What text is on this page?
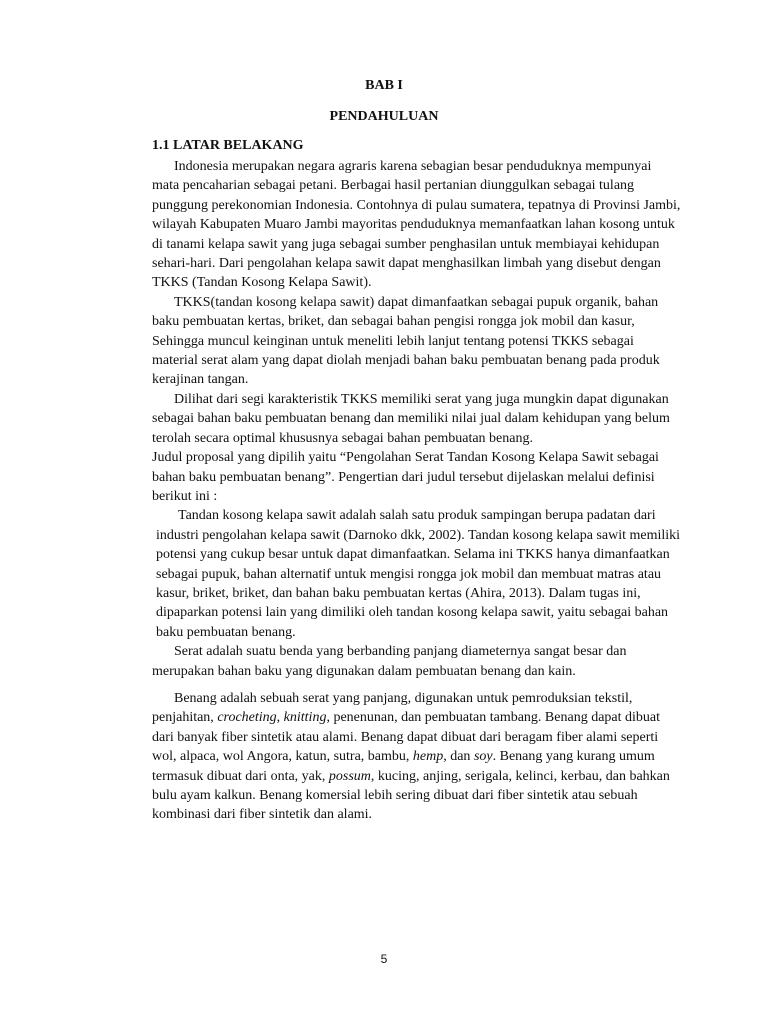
BAB I
PENDAHULUAN
1.1 LATAR BELAKANG

Indonesia merupakan negara agraris karena sebagian besar penduduknya mempunyai mata pencaharian sebagai petani. Berbagai hasil pertanian diunggulkan sebagai tulang punggung perekonomian Indonesia. Contohnya di pulau sumatera, tepatnya di Provinsi Jambi, wilayah Kabupaten Muaro Jambi mayoritas penduduknya memanfaatkan lahan kosong untuk di tanami kelapa sawit yang juga sebagai sumber penghasilan untuk membiayai kehidupan sehari-hari. Dari pengolahan kelapa sawit dapat menghasilkan limbah yang disebut dengan TKKS (Tandan Kosong Kelapa Sawit).

TKKS(tandan kosong kelapa sawit) dapat dimanfaatkan sebagai pupuk organik, bahan baku pembuatan kertas, briket, dan sebagai bahan pengisi rongga jok mobil dan kasur, Sehingga muncul keinginan untuk meneliti lebih lanjut tentang potensi TKKS sebagai material serat alam yang dapat diolah menjadi bahan baku pembuatan benang pada produk kerajinan tangan.

Dilihat dari segi karakteristik TKKS memiliki serat yang juga mungkin dapat digunakan sebagai bahan baku pembuatan benang dan memiliki nilai jual dalam kehidupan yang belum terolah secara optimal khususnya sebagai bahan pembuatan benang.

Judul proposal yang dipilih yaitu “Pengolahan Serat Tandan Kosong Kelapa Sawit sebagai bahan baku pembuatan benang”. Pengertian dari judul tersebut dijelaskan melalui definisi berikut ini :

Tandan kosong kelapa sawit adalah salah satu produk sampingan berupa padatan dari industri pengolahan kelapa sawit (Darnoko dkk, 2002). Tandan kosong kelapa sawit memiliki potensi yang cukup besar untuk dapat dimanfaatkan. Selama ini TKKS hanya dimanfaatkan sebagai pupuk, bahan alternatif untuk mengisi rongga jok mobil dan membuat matras atau kasur, briket, briket, dan bahan baku pembuatan kertas (Ahira, 2013). Dalam tugas ini, dipaparkan potensi lain yang dimiliki oleh tandan kosong kelapa sawit, yaitu sebagai bahan baku pembuatan benang.

Serat adalah suatu benda yang berbanding panjang diameternya sangat besar dan merupakan bahan baku yang digunakan dalam pembuatan benang dan kain.

Benang adalah sebuah serat yang panjang, digunakan untuk pemroduksian tekstil, penjahitan, crocheting, knitting, penenunan, dan pembuatan tambang. Benang dapat dibuat dari banyak fiber sintetik atau alami. Benang dapat dibuat dari beragam fiber alami seperti wol, alpaca, wol Angora, katun, sutra, bambu, hemp, dan soy. Benang yang kurang umum termasuk dibuat dari onta, yak, possum, kucing, anjing, serigala, kelinci, kerbau, dan bahkan bulu ayam kalkun. Benang komersial lebih sering dibuat dari fiber sintetik atau sebuah kombinasi dari fiber sintetik dan alami.

5
